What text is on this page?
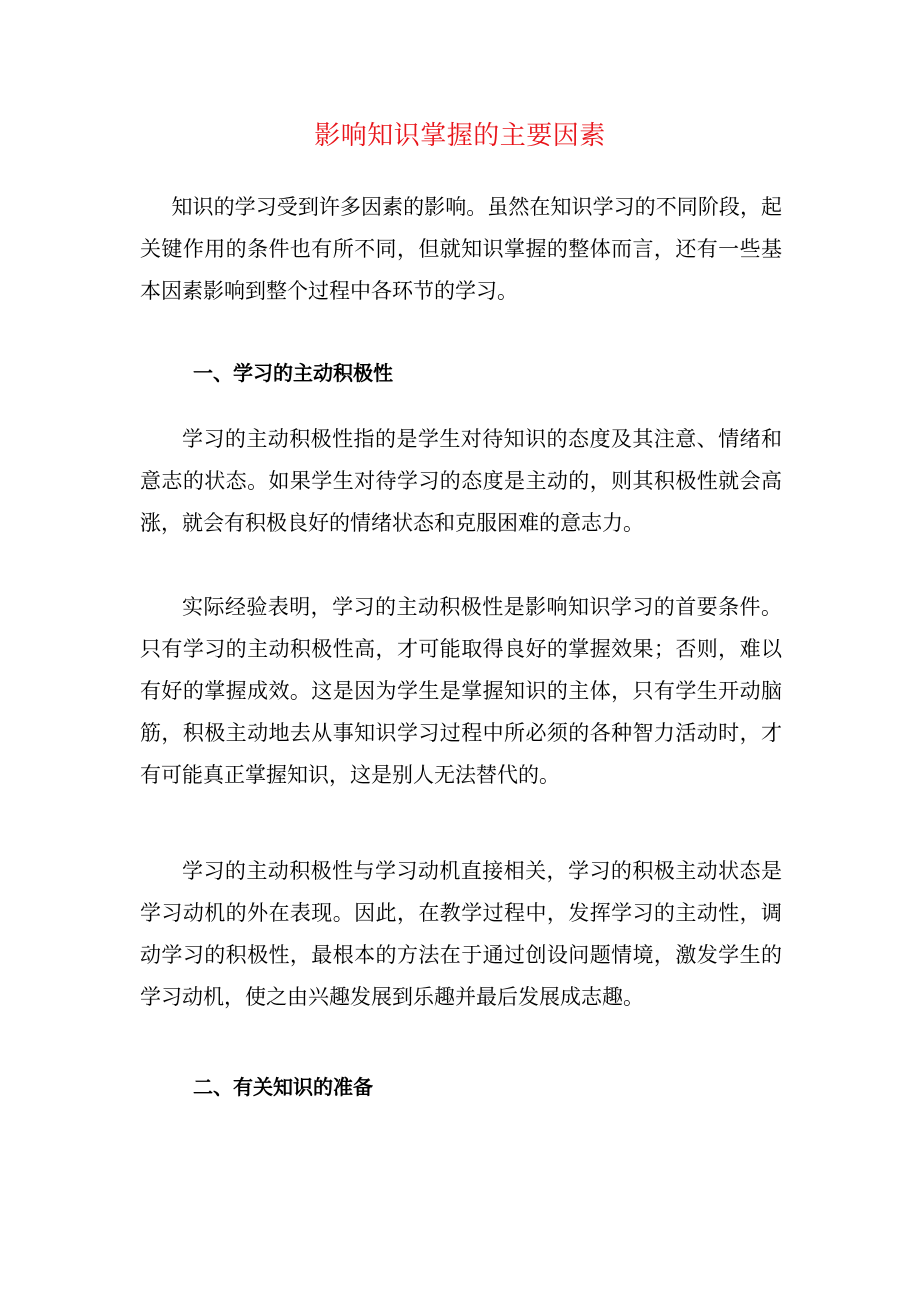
影响知识掌握的主要因素

知识的学习受到许多因素的影响。虽然在知识学习的不同阶段，起关键作用的条件也有所不同，但就知识掌握的整体而言，还有一些基本因素影响到整个过程中各环节的学习。

一、学习的主动积极性

学习的主动积极性指的是学生对待知识的态度及其注意、情绪和意志的状态。如果学生对待学习的态度是主动的，则其积极性就会高涨，就会有积极良好的情绪状态和克服困难的意志力。

实际经验表明，学习的主动积极性是影响知识学习的首要条件。只有学习的主动积极性高，才可能取得良好的掌握效果；否则，难以有好的掌握成效。这是因为学生是掌握知识的主体，只有学生开动脑筋，积极主动地去从事知识学习过程中所必须的各种智力活动时，才有可能真正掌握知识，这是别人无法替代的。

学习的主动积极性与学习动机直接相关，学习的积极主动状态是学习动机的外在表现。因此，在教学过程中，发挥学习的主动性，调动学习的积极性，最根本的方法在于通过创设问题情境，激发学生的学习动机，使之由兴趣发展到乐趣并最后发展成志趣。

二、有关知识的准备
